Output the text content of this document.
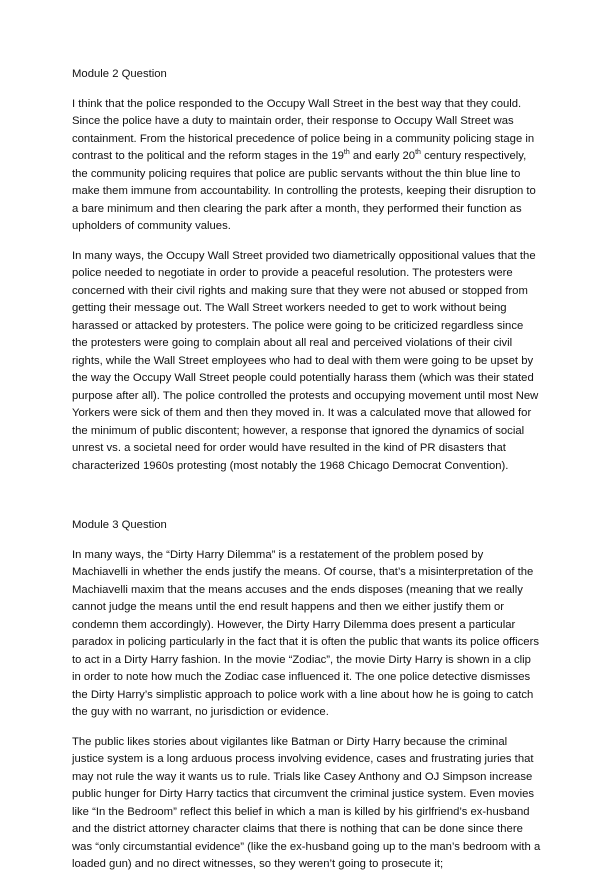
Module 2 Question

I think that the police responded to the Occupy Wall Street in the best way that they could. Since the police have a duty to maintain order, their response to Occupy Wall Street was containment. From the historical precedence of police being in a community policing stage in contrast to the political and the reform stages in the 19th and early 20th century respectively, the community policing requires that police are public servants without the thin blue line to make them immune from accountability. In controlling the protests, keeping their disruption to a bare minimum and then clearing the park after a month, they performed their function as upholders of community values.

In many ways, the Occupy Wall Street provided two diametrically oppositional values that the police needed to negotiate in order to provide a peaceful resolution. The protesters were concerned with their civil rights and making sure that they were not abused or stopped from getting their message out. The Wall Street workers needed to get to work without being harassed or attacked by protesters. The police were going to be criticized regardless since the protesters were going to complain about all real and perceived violations of their civil rights, while the Wall Street employees who had to deal with them were going to be upset by the way the Occupy Wall Street people could potentially harass them (which was their stated purpose after all). The police controlled the protests and occupying movement until most New Yorkers were sick of them and then they moved in. It was a calculated move that allowed for the minimum of public discontent; however, a response that ignored the dynamics of social unrest vs. a societal need for order would have resulted in the kind of PR disasters that characterized 1960s protesting (most notably the 1968 Chicago Democrat Convention).

Module 3 Question

In many ways, the “Dirty Harry Dilemma” is a restatement of the problem posed by Machiavelli in whether the ends justify the means. Of course, that’s a misinterpretation of the Machiavelli maxim that the means accuses and the ends disposes (meaning that we really cannot judge the means until the end result happens and then we either justify them or condemn them accordingly). However, the Dirty Harry Dilemma does present a particular paradox in policing particularly in the fact that it is often the public that wants its police officers to act in a Dirty Harry fashion. In the movie “Zodiac”, the movie Dirty Harry is shown in a clip in order to note how much the Zodiac case influenced it. The one police detective dismisses the Dirty Harry’s simplistic approach to police work with a line about how he is going to catch the guy with no warrant, no jurisdiction or evidence.

The public likes stories about vigilantes like Batman or Dirty Harry because the criminal justice system is a long arduous process involving evidence, cases and frustrating juries that may not rule the way it wants us to rule. Trials like Casey Anthony and OJ Simpson increase public hunger for Dirty Harry tactics that circumvent the criminal justice system. Even movies like “In the Bedroom” reflect this belief in which a man is killed by his girlfriend’s ex-husband and the district attorney character claims that there is nothing that can be done since there was “only circumstantial evidence” (like the ex-husband going up to the man’s bedroom with a loaded gun) and no direct witnesses, so they weren’t going to prosecute it;
